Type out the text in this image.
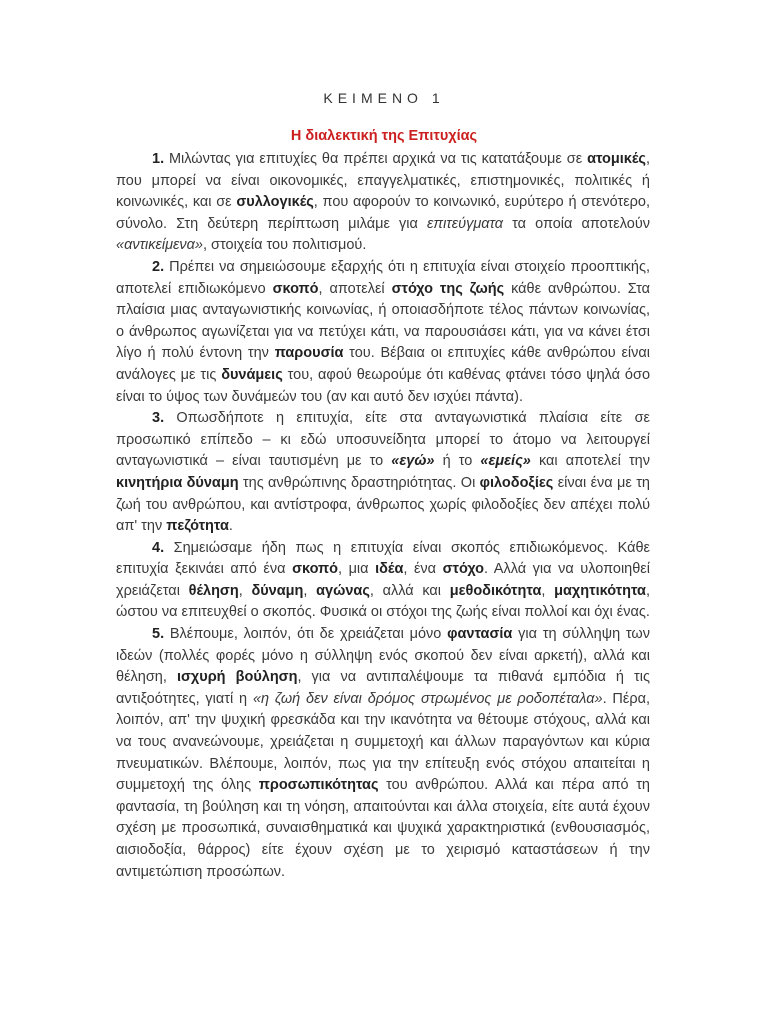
ΚΕΙΜΕΝΟ 1
Η διαλεκτική της Επιτυχίας

1. Μιλώντας για επιτυχίες θα πρέπει αρχικά να τις κατατάξουμε σε ατομικές, που μπορεί να είναι οικονομικές, επαγγελματικές, επιστημονικές, πολιτικές ή κοινωνικές, και σε συλλογικές, που αφορούν το κοινωνικό, ευρύτερο ή στενότερο, σύνολο. Στη δεύτερη περίπτωση μιλάμε για επιτεύγματα τα οποία αποτελούν «αντικείμενα», στοιχεία του πολιτισμού.

2. Πρέπει να σημειώσουμε εξαρχής ότι η επιτυχία είναι στοιχείο προοπτικής, αποτελεί επιδιωκόμενο σκοπό, αποτελεί στόχο της ζωής κάθε ανθρώπου. Στα πλαίσια μιας ανταγωνιστικής κοινωνίας, ή οποιασδήποτε τέλος πάντων κοινωνίας, ο άνθρωπος αγωνίζεται για να πετύχει κάτι, να παρουσιάσει κάτι, για να κάνει έτσι λίγο ή πολύ έντονη την παρουσία του. Βέβαια οι επιτυχίες κάθε ανθρώπου είναι ανάλογες με τις δυνάμεις του, αφού θεωρούμε ότι καθένας φτάνει τόσο ψηλά όσο είναι το ύψος των δυνάμεών του (αν και αυτό δεν ισχύει πάντα).

3. Οπωσδήποτε η επιτυχία, είτε στα ανταγωνιστικά πλαίσια είτε σε προσωπικό επίπεδο – κι εδώ υποσυνείδητα μπορεί το άτομο να λειτουργεί ανταγωνιστικά – είναι ταυτισμένη με το «εγώ» ή το «εμείς» και αποτελεί την κινητήρια δύναμη της ανθρώπινης δραστηριότητας. Οι φιλοδοξίες είναι ένα με τη ζωή του ανθρώπου, και αντίστροφα, άνθρωπος χωρίς φιλοδοξίες δεν απέχει πολύ απ' την πεζότητα.

4. Σημειώσαμε ήδη πως η επιτυχία είναι σκοπός επιδιωκόμενος. Κάθε επιτυχία ξεκινάει από ένα σκοπό, μια ιδέα, ένα στόχο. Αλλά για να υλοποιηθεί χρειάζεται θέληση, δύναμη, αγώνας, αλλά και μεθοδικότητα, μαχητικότητα, ώστου να επιτευχθεί ο σκοπός. Φυσικά οι στόχοι της ζωής είναι πολλοί και όχι ένας.

5. Βλέπουμε, λοιπόν, ότι δε χρειάζεται μόνο φαντασία για τη σύλληψη των ιδεών (πολλές φορές μόνο η σύλληψη ενός σκοπού δεν είναι αρκετή), αλλά και θέληση, ισχυρή βούληση, για να αντιπαλέψουμε τα πιθανά εμπόδια ή τις αντιξοότητες, γιατί η «η ζωή δεν είναι δρόμος στρωμένος με ροδοπέταλα». Πέρα, λοιπόν, απ' την ψυχική φρεσκάδα και την ικανότητα να θέτουμε στόχους, αλλά και να τους ανανεώνουμε, χρειάζεται η συμμετοχή και άλλων παραγόντων και κύρια πνευματικών. Βλέπουμε, λοιπόν, πως για την επίτευξη ενός στόχου απαιτείται η συμμετοχή της όλης προσωπικότητας του ανθρώπου. Αλλά και πέρα από τη φαντασία, τη βούληση και τη νόηση, απαιτούνται και άλλα στοιχεία, είτε αυτά έχουν σχέση με προσωπικά, συναισθηματικά και ψυχικά χαρακτηριστικά (ενθουσιασμός, αισιοδοξία, θάρρος) είτε έχουν σχέση με το χειρισμό καταστάσεων ή την αντιμετώπιση προσώπων.
